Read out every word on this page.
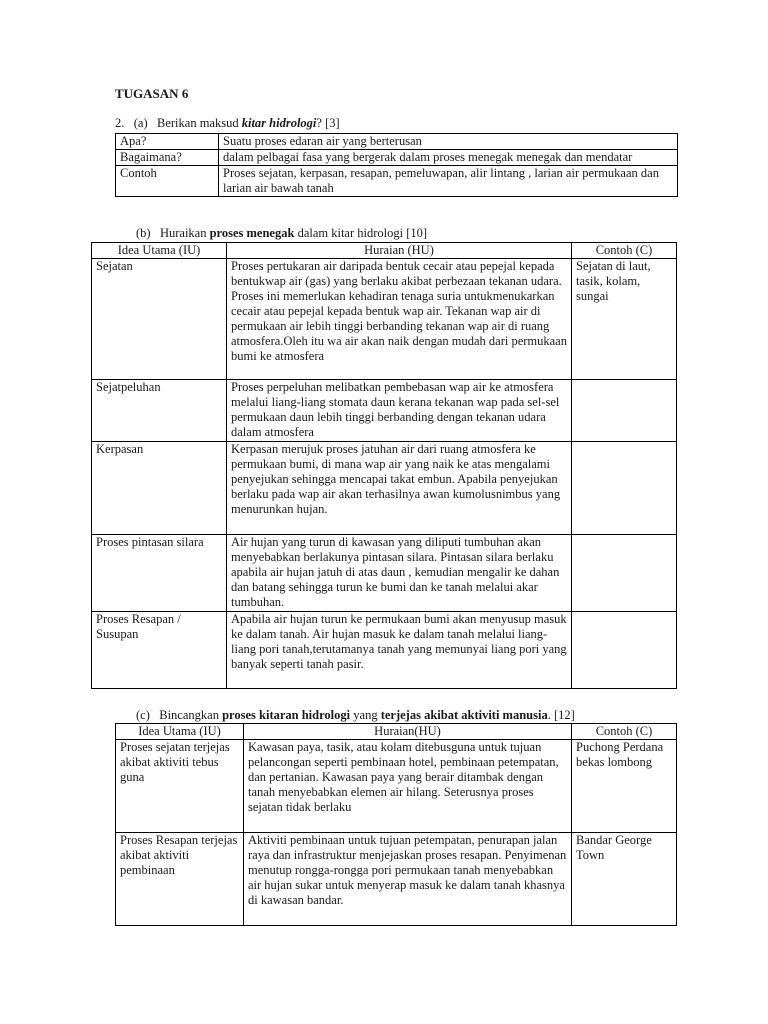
TUGASAN 6
2. (a) Berikan maksud kitar hidrologi? [3]
Apa?	Suatu proses edaran air yang berterusan
Bagaimana?	dalam pelbagai fasa yang bergerak dalam proses menegak menegak dan mendatar
Contoh	Proses sejatan, kerpasan, resapan, pemeluwapan, alir lintang , larian air permukaan dan larian air bawah tanah
(b) Huraikan proses menegak dalam kitar hidrologi [10]
Idea Utama (IU)	Huraian (HU)	Contoh (C)
Sejatan	Proses pertukaran air daripada bentuk cecair atau pepejal kepada bentukwap air (gas) yang berlaku akibat perbezaan tekanan udara. Proses ini memerlukan kehadiran tenaga suria untukmenukarkan cecair atau pepejal kepada bentuk wap air. Tekanan wap air di permukaan air lebih tinggi berbanding tekanan wap air di ruang atmosfera.Oleh itu wa air akan naik dengan mudah dari permukaan bumi ke atmosfera	Sejatan di laut, tasik, kolam, sungai
Sejatpeluhan	Proses perpeluhan melibatkan pembebasan wap air ke atmosfera melalui liang-liang stomata daun kerana tekanan wap pada sel-sel permukaan daun lebih tinggi berbanding dengan tekanan udara dalam atmosfera	
Kerpasan	Kerpasan merujuk proses jatuhan air dari ruang atmosfera ke permukaan bumi, di mana wap air yang naik ke atas mengalami penyejukan sehingga mencapai takat embun. Apabila penyejukan berlaku pada wap air akan terhasilnya awan kumolusnimbus yang menurunkan hujan.	
Proses pintasan silara	Air hujan yang turun di kawasan yang diliputi tumbuhan akan menyebabkan berlakunya pintasan silara. Pintasan silara berlaku apabila air hujan jatuh di atas daun , kemudian mengalir ke dahan dan batang sehingga turun ke bumi dan ke tanah melalui akar tumbuhan.	
Proses Resapan / Susupan	Apabila air hujan turun ke permukaan bumi akan menyusup masuk ke dalam tanah. Air hujan masuk ke dalam tanah melalui liang-liang pori tanah,terutamanya tanah yang memunyai liang pori yang banyak seperti tanah pasir.	
(c) Bincangkan proses kitaran hidrologi yang terjejas akibat aktiviti manusia. [12]
Idea Utama (IU)	Huraian(HU)	Contoh (C)
Proses sejatan terjejas akibat aktiviti tebus guna	Kawasan paya, tasik, atau kolam ditebusguna untuk tujuan pelancongan seperti pembinaan hotel, pembinaan petempatan, dan pertanian. Kawasan paya yang berair ditambak dengan tanah menyebabkan elemen air hilang. Seterusnya proses sejatan tidak berlaku	Puchong Perdana bekas lombong
Proses Resapan terjejas akibat aktiviti pembinaan	Aktiviti pembinaan untuk tujuan petempatan, penurapan jalan raya dan infrastruktur menjejaskan proses resapan. Penyimenan menutup rongga-rongga pori permukaan tanah menyebabkan air hujan sukar untuk menyerap masuk ke dalam tanah khasnya di kawasan bandar.	Bandar George Town
